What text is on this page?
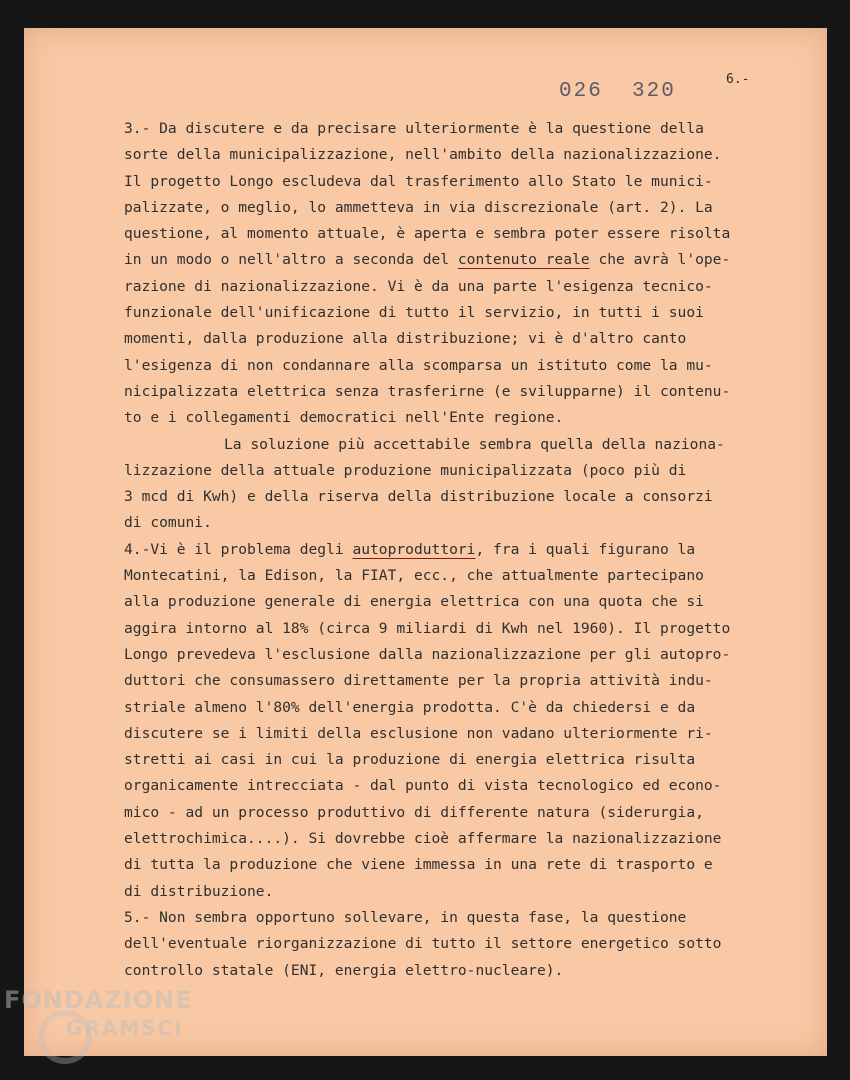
026  320
6.-
3.- Da discutere e da precisare ulteriormente è la questione della
sorte della municipalizzazione, nell'ambito della nazionalizzazione.
Il progetto Longo escludeva dal trasferimento allo Stato le munici-
palizzate, o meglio, lo ammetteva in via discrezionale (art. 2). La
questione, al momento attuale, è aperta e sembra poter essere risolta
in un modo o nell'altro a seconda del contenuto reale che avrà l'ope-
razione di nazionalizzazione. Vi è da una parte l'esigenza tecnico-
funzionale dell'unificazione di tutto il servizio, in tutti i suoi
momenti, dalla produzione alla distribuzione; vi è d'altro canto
l'esigenza di non condannare alla scomparsa un istituto come la mu-
nicipalizzata elettrica senza trasferirne (e svilupparne) il contenu-
to e i collegamenti democratici nell'Ente regione.
La soluzione più accettabile sembra quella della naziona-
lizzazione della attuale produzione municipalizzata (poco più di
3 mcd di Kwh) e della riserva della distribuzione locale a consorzi
di comuni.
4.-Vi è il problema degli autoproduttori, fra i quali figurano la
Montecatini, la Edison, la FIAT, ecc., che attualmente partecipano
alla produzione generale di energia elettrica con una quota che si
aggira intorno al 18% (circa 9 miliardi di Kwh nel 1960). Il progetto
Longo prevedeva l'esclusione dalla nazionalizzazione per gli autopro-
duttori che consumassero direttamente per la propria attività indu-
striale almeno l'80% dell'energia prodotta. C'è da chiedersi e da
discutere se i limiti della esclusione non vadano ulteriormente ri-
stretti ai casi in cui la produzione di energia elettrica risulta
organicamente intrecciata - dal punto di vista tecnologico ed econo-
mico - ad un processo produttivo di differente natura (siderurgia,
elettrochimica....). Si dovrebbe cioè affermare la nazionalizzazione
di tutta la produzione che viene immessa in una rete di trasporto e
di distribuzione.
5.- Non sembra opportuno sollevare, in questa fase, la questione
dell'eventuale riorganizzazione di tutto il settore energetico sotto
controllo statale (ENI, energia elettro-nucleare).
FONDAZIONE
GRAMSCI
